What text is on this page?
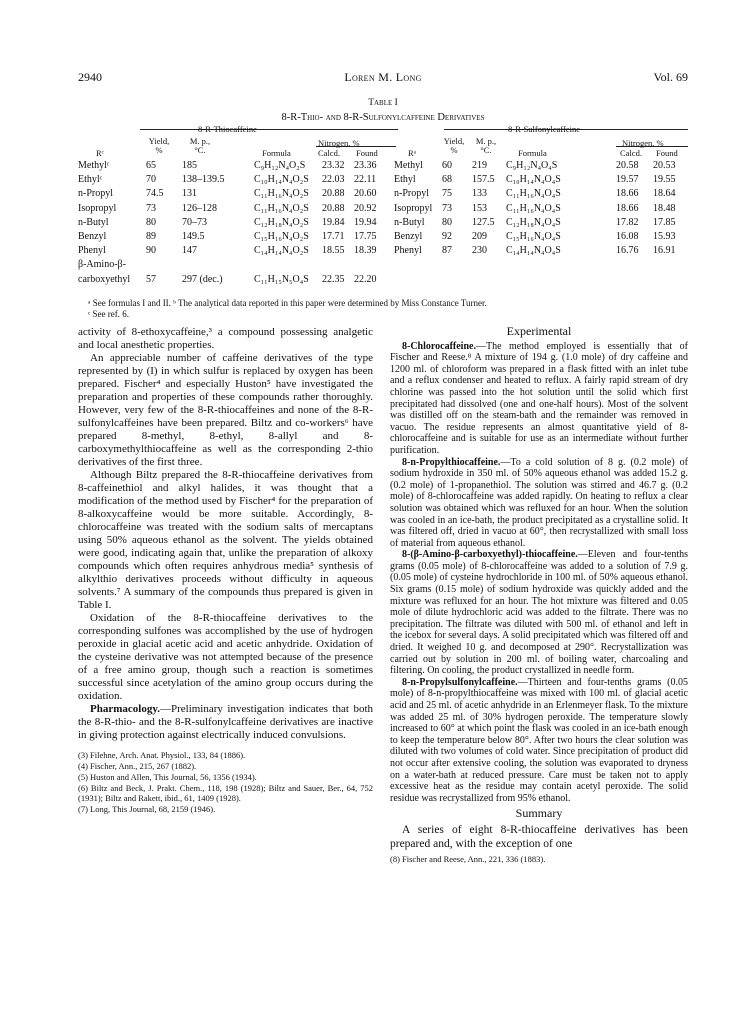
2940	Loren M. Long	Vol. 69
Table I
8-R-Thio- and 8-R-Sulfonylcaffeine Derivatives
8-R-Thiocaffeine
Yield,
%
M. p.,
°C.
Nitrogen, %
Rᶜ	Formula	Calcd. Found
Methylᶜ	65	185	C₉H₁₂N₄O₂S 23.32 23.36
Ethylᶜ	70	138–139.5	C₁₀H₁₄N₄O₂S 22.03 22.11
n-Propyl	74.5 131	C₁₁H₁₆N₄O₂S 20.88 20.60
Isopropyl	73	126–128	C₁₁H₁₆N₄O₂S 20.88 20.92
n-Butyl	80	70–73	C₁₂H₁₈N₄O₂S 19.84 19.94
Benzyl	89	149.5	C₁₅H₁₆N₄O₂S 17.71 17.75
Phenyl	90	147	C₁₄H₁₄N₄O₂S 18.55 18.39
β-Amino-β-
carboxyethyl 57	297 (dec.)	C₁₁H₁₅N₅O₄S 22.35 22.20
8-R-Sulfonylcaffeine
Yield,
%
M. p.,
°C.
Nitrogen, %
Rᵃ	Formula	Calcd. Found
Methyl 60 219 C₉H₁₂N₄O₄S	20.58 20.53
Ethyl	68 157.5 C₁₀H₁₄N₄O₄S	19.57 19.55
n-Propyl 75 133 C₁₁H₁₆N₄O₄S	18.66 18.64
Isopropyl 73 153 C₁₁H₁₆N₄O₄S	18.66 18.48
n-Butyl 80 127.5 C₁₂H₁₈N₄O₄S	17.82 17.85
Benzyl 92 209 C₁₅H₁₆N₄O₄S	16.08 15.93
Phenyl 87 230 C₁₄H₁₄N₄O₄S	16.76 16.91
ᵃ See formulas I and II. ᵇ The analytical data reported in this paper were determined by Miss Constance Turner.
ᶜ See ref. 6.

activity of 8-ethoxycaffeine,³ a compound possessing analgetic and local anesthetic properties.

An appreciable number of caffeine derivatives of the type represented by (I) in which sulfur is replaced by oxygen has been prepared. Fischer⁴ and especially Huston⁵ have investigated the preparation and properties of these compounds rather thoroughly. However, very few of the 8-R-thiocaffeines and none of the 8-R-sulfonylcaffeines have been prepared. Biltz and co-workers⁶ have prepared 8-methyl, 8-ethyl, 8-allyl and 8-carboxymethylthiocaffeine as well as the corresponding 2-thio derivatives of the first three.

Although Biltz prepared the 8-R-thiocaffeine derivatives from 8-caffeinethiol and alkyl halides, it was thought that a modification of the method used by Fischer⁴ for the preparation of 8-alkoxycaffeine would be more suitable. Accordingly, 8-chlorocaffeine was treated with the sodium salts of mercaptans using 50% aqueous ethanol as the solvent. The yields obtained were good, indicating again that, unlike the preparation of alkoxy compounds which often requires anhydrous media⁵ synthesis of alkylthio derivatives proceeds without difficulty in aqueous solvents.⁷ A summary of the compounds thus prepared is given in Table I.

Oxidation of the 8-R-thiocaffeine derivatives to the corresponding sulfones was accomplished by the use of hydrogen peroxide in glacial acetic acid and acetic anhydride. Oxidation of the cysteine derivative was not attempted because of the presence of a free amino group, though such a reaction is sometimes successful since acetylation of the amino group occurs during the oxidation.

Pharmacology.—Preliminary investigation indicates that both the 8-R-thio- and the 8-R-sulfonylcaffeine derivatives are inactive in giving protection against electrically induced convulsions.

(3) Filehne, Arch. Anat. Physiol., 133, 84 (1886).
(4) Fischer, Ann., 215, 267 (1882).
(5) Huston and Allen, This Journal, 56, 1356 (1934).
(6) Biltz and Beck, J. Prakt. Chem., 118, 198 (1928); Biltz and Sauer, Ber., 64, 752 (1931); Biltz and Rakett, ibid., 61, 1409 (1928).
(7) Long, This Journal, 68, 2159 (1946).
Experimental

8-Chlorocaffeine.—The method employed is essentially that of Fischer and Reese.⁸ A mixture of 194 g. (1.0 mole) of dry caffeine and 1200 ml. of chloroform was prepared in a flask fitted with an inlet tube and a reflux condenser and heated to reflux. A fairly rapid stream of dry chlorine was passed into the hot solution until the solid which first precipitated had dissolved (one and one-half hours). Most of the solvent was distilled off on the steam-bath and the remainder was removed in vacuo. The residue represents an almost quantitative yield of 8-chlorocaffeine and is suitable for use as an intermediate without further purification.

8-n-Propylthiocaffeine.—To a cold solution of 8 g. (0.2 mole) of sodium hydroxide in 350 ml. of 50% aqueous ethanol was added 15.2 g. (0.2 mole) of 1-propanethiol. The solution was stirred and 46.7 g. (0.2 mole) of 8-chlorocaffeine was added rapidly. On heating to reflux a clear solution was obtained which was refluxed for an hour. When the solution was cooled in an ice-bath, the product precipitated as a crystalline solid. It was filtered off, dried in vacuo at 60°, then recrystallized with small loss of material from aqueous ethanol.

8-(β-Amino-β-carboxyethyl)-thiocaffeine.—Eleven and four-tenths grams (0.05 mole) of 8-chlorocaffeine was added to a solution of 7.9 g. (0.05 mole) of cysteine hydrochloride in 100 ml. of 50% aqueous ethanol. Six grams (0.15 mole) of sodium hydroxide was quickly added and the mixture was refluxed for an hour. The hot mixture was filtered and 0.05 mole of dilute hydrochloric acid was added to the filtrate. There was no precipitation. The filtrate was diluted with 500 ml. of ethanol and left in the icebox for several days. A solid precipitated which was filtered off and dried. It weighed 10 g. and decomposed at 290°. Recrystallization was carried out by solution in 200 ml. of boiling water, charcoaling and filtering. On cooling, the product crystallized in needle form.

8-n-Propylsulfonylcaffeine.—Thirteen and four-tenths grams (0.05 mole) of 8-n-propylthiocaffeine was mixed with 100 ml. of glacial acetic acid and 25 ml. of acetic anhydride in an Erlenmeyer flask. To the mixture was added 25 ml. of 30% hydrogen peroxide. The temperature slowly increased to 60° at which point the flask was cooled in an ice-bath enough to keep the temperature below 80°. After two hours the clear solution was diluted with two volumes of cold water. Since precipitation of product did not occur after extensive cooling, the solution was evaporated to dryness on a water-bath at reduced pressure. Care must be taken not to apply excessive heat as the residue may contain acetyl peroxide. The solid residue was recrystallized from 95% ethanol.

Summary

A series of eight 8-R-thiocaffeine derivatives has been prepared and, with the exception of one

(8) Fischer and Reese, Ann., 221, 336 (1883).
